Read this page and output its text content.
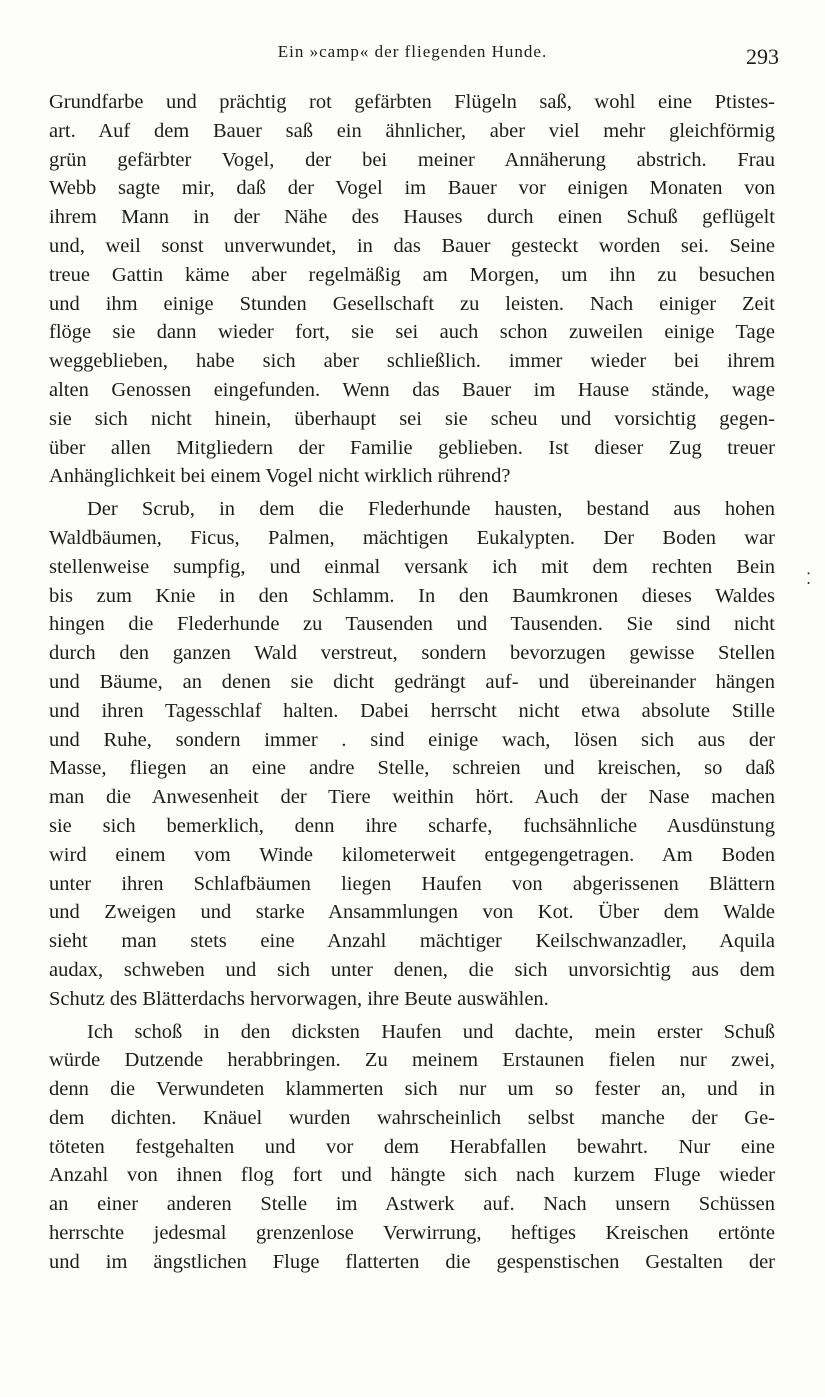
Ein »camp« der fliegenden Hunde.	293
⁚
Grundfarbe und prächtig rot gefärbten Flügeln saß, wohl eine Ptistes-
art. Auf dem Bauer saß ein ähnlicher, aber viel mehr gleichförmig
grün gefärbter Vogel, der bei meiner Annäherung abstrich. Frau
Webb sagte mir, daß der Vogel im Bauer vor einigen Monaten von
ihrem Mann in der Nähe des Hauses durch einen Schuß geflügelt
und, weil sonst unverwundet, in das Bauer gesteckt worden sei. Seine
treue Gattin käme aber regelmäßig am Morgen, um ihn zu besuchen
und ihm einige Stunden Gesellschaft zu leisten. Nach einiger Zeit
flöge sie dann wieder fort, sie sei auch schon zuweilen einige Tage
weggeblieben, habe sich aber schließlich. immer wieder bei ihrem
alten Genossen eingefunden. Wenn das Bauer im Hause stände, wage
sie sich nicht hinein, überhaupt sei sie scheu und vorsichtig gegen-
über allen Mitgliedern der Familie geblieben. Ist dieser Zug treuer
Anhänglichkeit bei einem Vogel nicht wirklich rührend?
Der Scrub, in dem die Flederhunde hausten, bestand aus hohen
Waldbäumen, Ficus, Palmen, mächtigen Eukalypten. Der Boden war
stellenweise sumpfig, und einmal versank ich mit dem rechten Bein
bis zum Knie in den Schlamm. In den Baumkronen dieses Waldes
hingen die Flederhunde zu Tausenden und Tausenden. Sie sind nicht
durch den ganzen Wald verstreut, sondern bevorzugen gewisse Stellen
und Bäume, an denen sie dicht gedrängt auf- und übereinander hängen
und ihren Tagesschlaf halten. Dabei herrscht nicht etwa absolute Stille
und Ruhe, sondern immer . sind einige wach, lösen sich aus der
Masse, fliegen an eine andre Stelle, schreien und kreischen, so daß
man die Anwesenheit der Tiere weithin hört. Auch der Nase machen
sie sich bemerklich, denn ihre scharfe, fuchsähnliche Ausdünstung
wird einem vom Winde kilometerweit entgegengetragen. Am Boden
unter ihren Schlafbäumen liegen Haufen von abgerissenen Blättern
und Zweigen und starke Ansammlungen von Kot. Über dem Walde
sieht man stets eine Anzahl mächtiger Keilschwanzadler, Aquila
audax, schweben und sich unter denen, die sich unvorsichtig aus dem
Schutz des Blätterdachs hervorwagen, ihre Beute auswählen.
Ich schoß in den dicksten Haufen und dachte, mein erster Schuß
würde Dutzende herabbringen. Zu meinem Erstaunen fielen nur zwei,
denn die Verwundeten klammerten sich nur um so fester an, und in
dem dichten. Knäuel wurden wahrscheinlich selbst manche der Ge-
töteten festgehalten und vor dem Herabfallen bewahrt. Nur eine
Anzahl von ihnen flog fort und hängte sich nach kurzem Fluge wieder
an einer anderen Stelle im Astwerk auf. Nach unsern Schüssen
herrschte jedesmal grenzenlose Verwirrung, heftiges Kreischen ertönte
und im ängstlichen Fluge flatterten die gespenstischen Gestalten der
